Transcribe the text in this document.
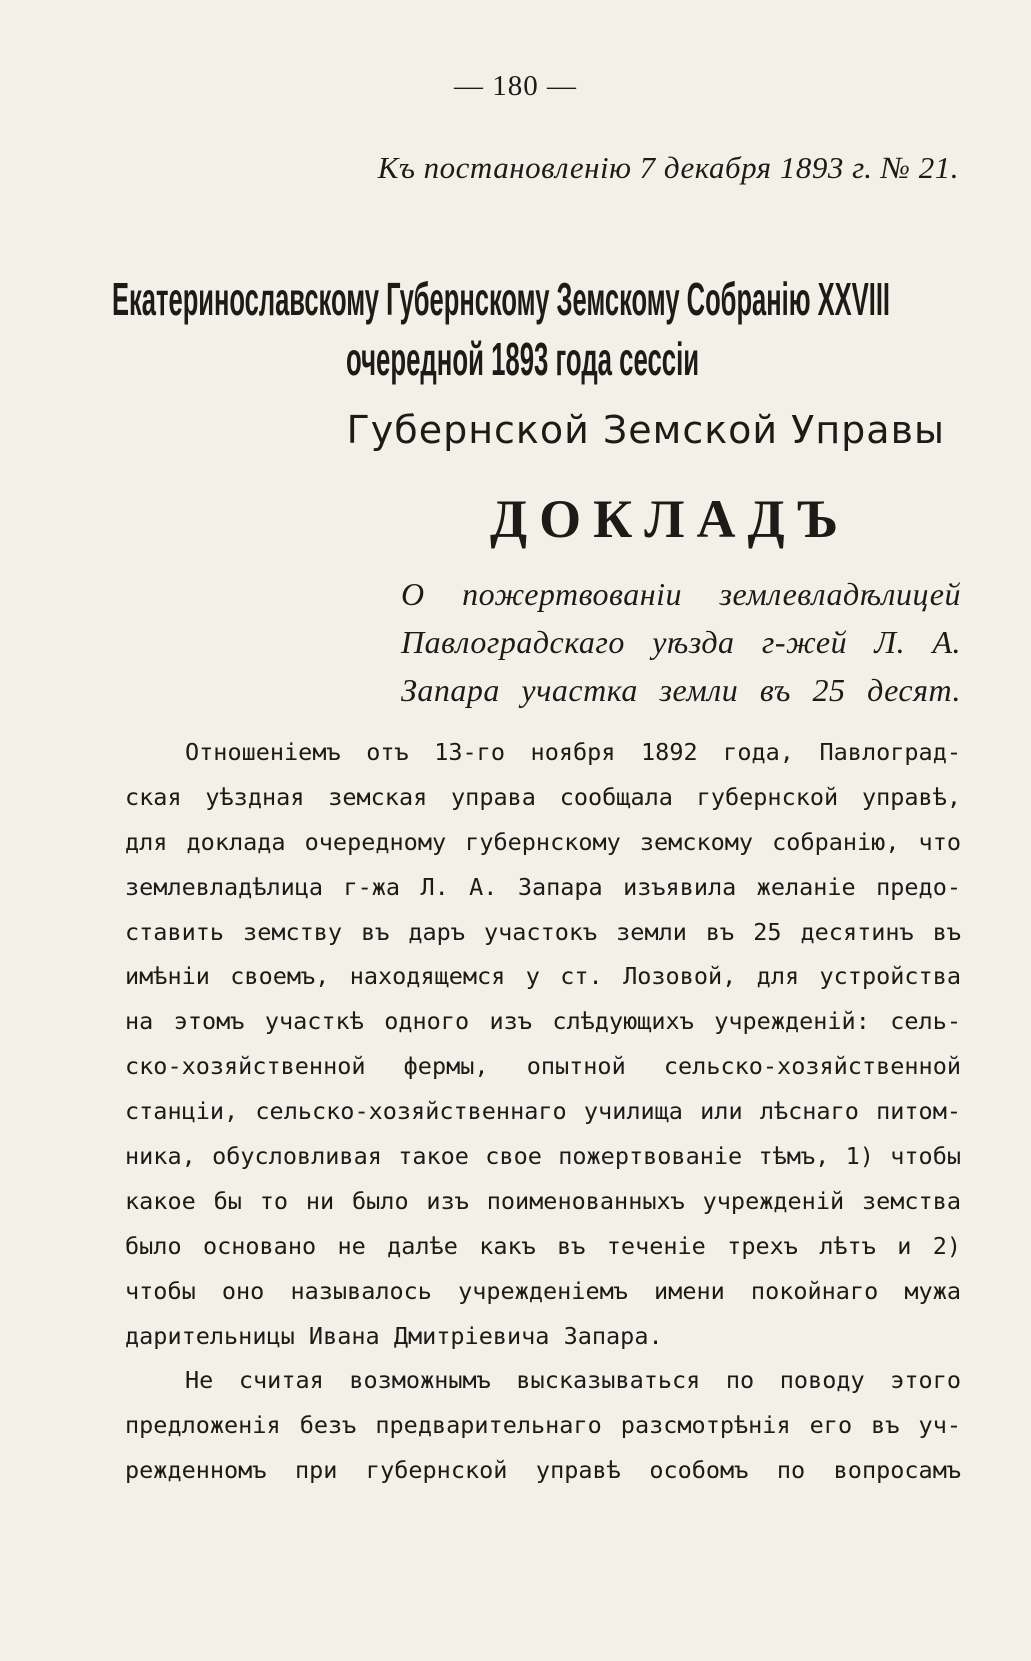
— 180 —
Къ постановленію 7 декабря 1893 г. № 21.
Екатеринославскому Губернскому Земскому Собранію XXVIII
очередной 1893 года сессіи
Губернской Земской Управы
ДОКЛАДЪ
О пожертвованіи землевладѣлицей
Павлоградскаго уѣзда г-жей Л. А.
Запара участка земли въ 25 десят.
Отношеніемъ отъ 13-го ноября 1892 года, Павлоград-
ская уѣздная земская управа сообщала губернской управѣ,
для доклада очередному губернскому земскому собранію, что
землевладѣлица г-жа Л. А. Запара изъявила желаніе предо-
ставить земству въ даръ участокъ земли въ 25 десятинъ въ
имѣніи своемъ, находящемся у ст. Лозовой, для устройства
на этомъ участкѣ одного изъ слѣдующихъ учрежденій: сель-
ско-хозяйственной фермы, опытной сельско-хозяйственной
станціи, сельско-хозяйственнаго училища или лѣснаго питом-
ника, обусловливая такое свое пожертвованіе тѣмъ, 1) чтобы
какое бы то ни было изъ поименованныхъ учрежденій земства
было основано не далѣе какъ въ теченіе трехъ лѣтъ и 2)
чтобы оно называлось учрежденіемъ имени покойнаго мужа
дарительницы Ивана Дмитріевича Запара.
Не считая возможнымъ высказываться по поводу этого
предложенія безъ предварительнаго разсмотрѣнія его въ уч-
режденномъ при губернской управѣ особомъ по вопросамъ
